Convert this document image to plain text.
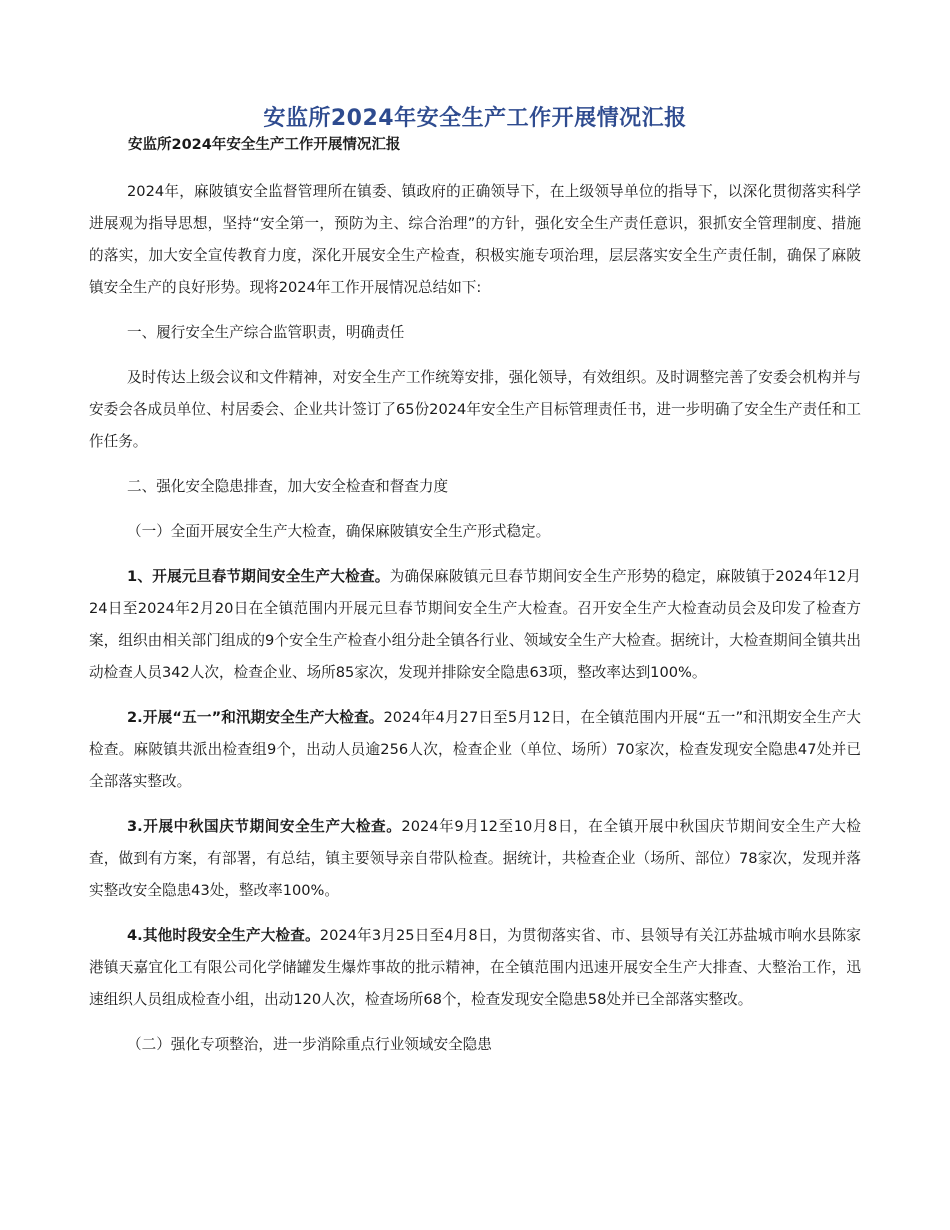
安监所2024年安全生产工作开展情况汇报
安监所2024年安全生产工作开展情况汇报

2024年，麻陂镇安全监督管理所在镇委、镇政府的正确领导下，在上级领导单位的指导下，以深化贯彻落实科学进展观为指导思想，坚持“安全第一，预防为主、综合治理”的方针，强化安全生产责任意识，狠抓安全管理制度、措施的落实，加大安全宣传教育力度，深化开展安全生产检查，积极实施专项治理，层层落实安全生产责任制，确保了麻陂镇安全生产的良好形势。现将2024年工作开展情况总结如下:

一、履行安全生产综合监管职责，明确责任

及时传达上级会议和文件精神，对安全生产工作统筹安排，强化领导，有效组织。及时调整完善了安委会机构并与安委会各成员单位、村居委会、企业共计签订了65份2024年安全生产目标管理责任书，进一步明确了安全生产责任和工作任务。

二、强化安全隐患排查，加大安全检查和督查力度

（一）全面开展安全生产大检查，确保麻陂镇安全生产形式稳定。

1、开展元旦春节期间安全生产大检查。为确保麻陂镇元旦春节期间安全生产形势的稳定，麻陂镇于2024年12月24日至2024年2月20日在全镇范围内开展元旦春节期间安全生产大检查。召开安全生产大检查动员会及印发了检查方案，组织由相关部门组成的9个安全生产检查小组分赴全镇各行业、领域安全生产大检查。据统计，大检查期间全镇共出动检查人员342人次，检查企业、场所85家次，发现并排除安全隐患63项，整改率达到100%。

2.开展“五一”和汛期安全生产大检查。2024年4月27日至5月12日，在全镇范围内开展“五一”和汛期安全生产大检查。麻陂镇共派出检查组9个，出动人员逾256人次，检查企业（单位、场所）70家次，检查发现安全隐患47处并已全部落实整改。

3.开展中秋国庆节期间安全生产大检查。2024年9月12至10月8日，在全镇开展中秋国庆节期间安全生产大检查，做到有方案，有部署，有总结，镇主要领导亲自带队检查。据统计，共检查企业（场所、部位）78家次，发现并落实整改安全隐患43处，整改率100%。

4.其他时段安全生产大检查。2024年3月25日至4月8日，为贯彻落实省、市、县领导有关江苏盐城市响水县陈家港镇天嘉宜化工有限公司化学储罐发生爆炸事故的批示精神，在全镇范围内迅速开展安全生产大排查、大整治工作，迅速组织人员组成检查小组，出动120人次，检查场所68个，检查发现安全隐患58处并已全部落实整改。

（二）强化专项整治，进一步消除重点行业领域安全隐患
